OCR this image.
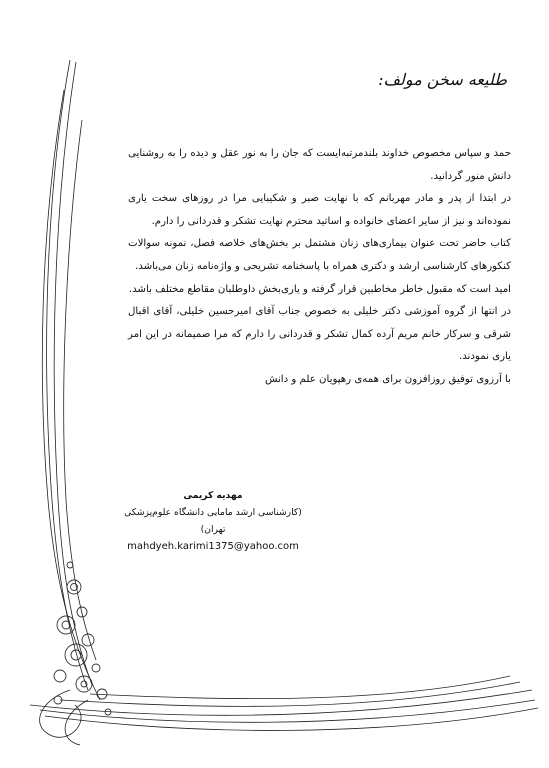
طلیعه سخن مولف:

حمد و سپاس مخصوص خداوند بلندمرتبه‌ایست که جان را به نور عقل و دیده را به روشنایی دانش منور گردانید.

در ابتدا از پدر و مادر مهربانم که با نهایت صبر و شکیبایی مرا در روزهای سخت یاری نموده‌اند و نیز از سایر اعضای خانواده و اساتید محترم نهایت تشکر و قدردانی را دارم.

کتاب حاضر تحت عنوان بیماری‌های زنان مشتمل بر بخش‌های خلاصه فصل، نمونه سوالات کنکورهای کارشناسی ارشد و دکتری همراه با پاسخنامه تشریحی و واژه‌نامه زنان می‌باشد.

امید است که مقبول خاطر مخاطبین قرار گرفته و یاری‌بخش داوطلبان مقاطع مختلف باشد.

در انتها از گروه آموزشی دکتر خلیلی به خصوص جناب آقای امیرحسین خلیلی، آقای اقبال شرقی و سرکار خانم مریم آرده کمال تشکر و قدردانی را دارم که مرا صمیمانه در این امر یاری نمودند.

با آرزوی توفیق روزافزون برای همه‌ی رهپویان علم و دانش

مهدیه کریمی
(کارشناسی ارشد مامایی دانشگاه علوم‌پزشکی تهران)
mahdyeh.karimi1375@yahoo.com
